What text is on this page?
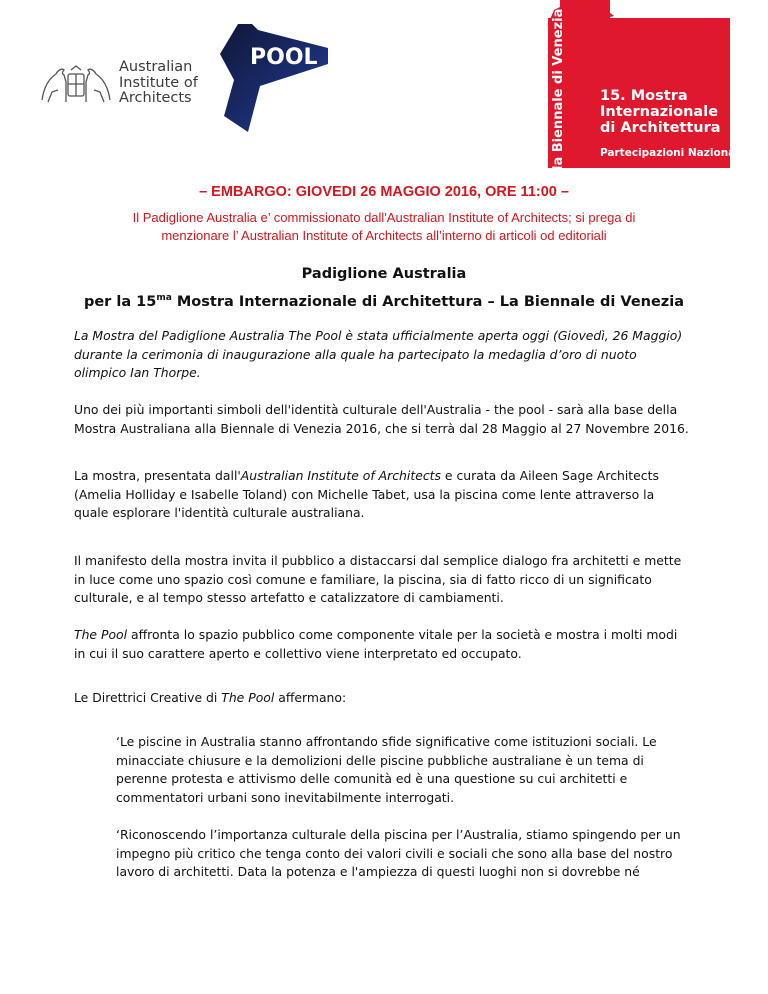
Australian
Institute of
Architects
POOL	la Biennale di Venezia 15. Mostra
Internazionale
di Architettura
Partecipazioni Nazionali
– EMBARGO: GIOVEDI 26 MAGGIO 2016, ORE 11:00 –
Il Padiglione Australia e’ commissionato dall'Australian Institute of Architects; si prega di
menzionare l’ Australian Institute of Architects all’interno di articoli od editoriali
Padiglione Australia
per la $15^{ma}$ Mostra Internazionale di Architettura – La Biennale di Venezia
La Mostra del Padiglione Australia The Pool è stata ufficialmente aperta oggi (Giovedì, 26 Maggio)
durante la cerimonia di inaugurazione alla quale ha partecipato la medaglia d’oro di nuoto
olimpico Ian Thorpe.
Uno dei più importanti simboli dell'identità culturale dell'Australia - the pool - sarà alla base della
Mostra Australiana alla Biennale di Venezia 2016, che si terrà dal 28 Maggio al 27 Novembre 2016.
La mostra, presentata dall'Australian Institute of Architects e curata da Aileen Sage Architects
(Amelia Holliday e Isabelle Toland) con Michelle Tabet, usa la piscina come lente attraverso la
quale esplorare l'identità culturale australiana.
Il manifesto della mostra invita il pubblico a distaccarsi dal semplice dialogo fra architetti e mette
in luce come uno spazio così comune e familiare, la piscina, sia di fatto ricco di un significato
culturale, e al tempo stesso artefatto e catalizzatore di cambiamenti.
The Pool affronta lo spazio pubblico come componente vitale per la società e mostra i molti modi
in cui il suo carattere aperto e collettivo viene interpretato ed occupato.
Le Direttrici Creative di The Pool affermano:
‘Le piscine in Australia stanno affrontando sfide significative come istituzioni sociali. Le
minacciate chiusure e la demolizioni delle piscine pubbliche australiane è un tema di
perenne protesta e attivismo delle comunità ed è una questione su cui architetti e
commentatori urbani sono inevitabilmente interrogati.
‘Riconoscendo l’importanza culturale della piscina per l’Australia, stiamo spingendo per un
impegno più critico che tenga conto dei valori civili e sociali che sono alla base del nostro
lavoro di architetti. Data la potenza e l'ampiezza di questi luoghi non si dovrebbe né
